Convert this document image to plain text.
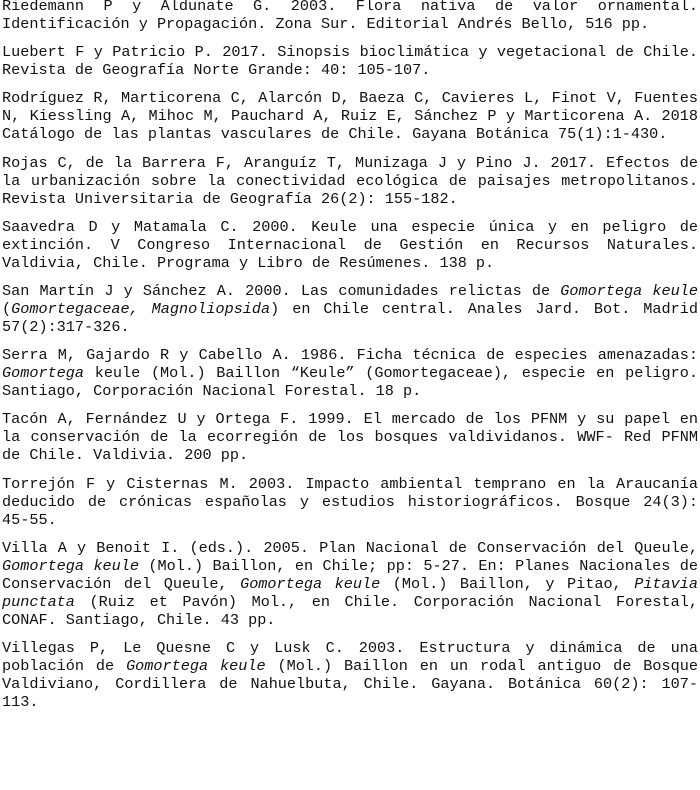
Riedemann P y Aldunate G. 2003. Flora nativa de valor ornamental. Identificación y Propagación. Zona Sur. Editorial Andrés Bello, 516 pp.

Luebert F y Patricio P. 2017. Sinopsis bioclimática y vegetacional de Chile. Revista de Geografía Norte Grande: 40: 105-107.

Rodríguez R, Marticorena C, Alarcón D, Baeza C, Cavieres L, Finot V, Fuentes N, Kiessling A, Mihoc M, Pauchard A, Ruiz E, Sánchez P y Marticorena A. 2018 Catálogo de las plantas vasculares de Chile. Gayana Botánica 75(1):1-430.

Rojas C, de la Barrera F, Aranguíz T, Munizaga J y Pino J. 2017. Efectos de la urbanización sobre la conectividad ecológica de paisajes metropolitanos. Revista Universitaria de Geografía 26(2): 155-182.

Saavedra D y Matamala C. 2000. Keule una especie única y en peligro de extinción. V Congreso Internacional de Gestión en Recursos Naturales. Valdivia, Chile. Programa y Libro de Resúmenes. 138 p.

San Martín J y Sánchez A. 2000. Las comunidades relictas de Gomortega keule (Gomortegaceae, Magnoliopsida) en Chile central. Anales Jard. Bot. Madrid 57(2):317-326.

Serra M, Gajardo R y Cabello A. 1986. Ficha técnica de especies amenazadas: Gomortega keule (Mol.) Baillon “Keule” (Gomortegaceae), especie en peligro. Santiago, Corporación Nacional Forestal. 18 p.

Tacón A, Fernández U y Ortega F. 1999. El mercado de los PFNM y su papel en la conservación de la ecorregión de los bosques valdividanos. WWF- Red PFNM de Chile. Valdivia. 200 pp.

Torrejón F y Cisternas M. 2003. Impacto ambiental temprano en la Araucanía deducido de crónicas españolas y estudios historiográficos. Bosque 24(3): 45-55.

Villa A y Benoit I. (eds.). 2005. Plan Nacional de Conservación del Queule, Gomortega keule (Mol.) Baillon, en Chile; pp: 5-27. En: Planes Nacionales de Conservación del Queule, Gomortega keule (Mol.) Baillon, y Pitao, Pitavia punctata (Ruiz et Pavón) Mol., en Chile. Corporación Nacional Forestal, CONAF. Santiago, Chile. 43 pp.

Villegas P, Le Quesne C y Lusk C. 2003. Estructura y dinámica de una población de Gomortega keule (Mol.) Baillon en un rodal antiguo de Bosque Valdiviano, Cordillera de Nahuelbuta, Chile. Gayana. Botánica 60(2): 107-113.
